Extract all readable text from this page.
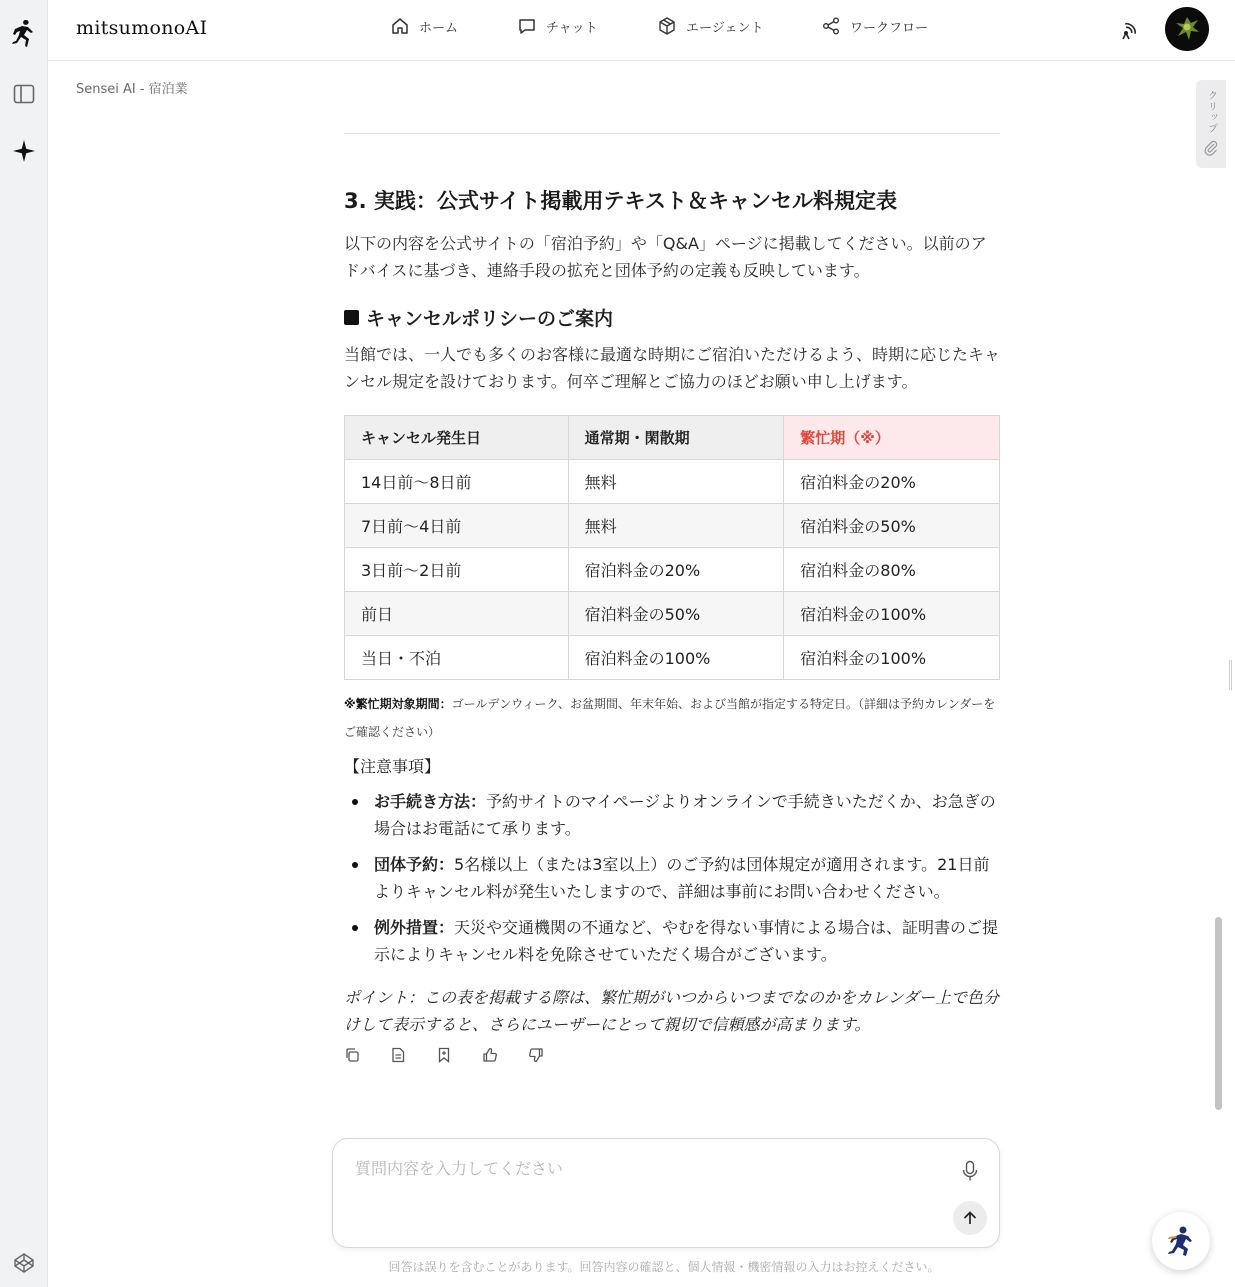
mitsumonoAI	ホーム	チャット	エージェント	ワークフロー
Sensei AI - 宿泊業
クリップ
3. 実践：公式サイト掲載用テキスト＆キャンセル料規定表
以下の内容を公式サイトの「宿泊予約」や「Q&A」ページに掲載してください。以前のアドバイスに基づき、連絡手段の拡充と団体予約の定義も反映しています。
キャンセルポリシーのご案内
当館では、一人でも多くのお客様に最適な時期にご宿泊いただけるよう、時期に応じたキャンセル規定を設けております。何卒ご理解とご協力のほどお願い申し上げます。
キャンセル発生日	通常期・閑散期	繁忙期（※）
14日前〜8日前	無料	宿泊料金の20%
7日前〜4日前	無料	宿泊料金の50%
3日前〜2日前	宿泊料金の20%	宿泊料金の80%
前日	宿泊料金の50%	宿泊料金の100%
当日・不泊	宿泊料金の100%	宿泊料金の100%
※繁忙期対象期間：ゴールデンウィーク、お盆期間、年末年始、および当館が指定する特定日。（詳細は予約カレンダーをご確認ください）
【注意事項】
お手続き方法：予約サイトのマイページよりオンラインで手続きいただくか、お急ぎの場合はお電話にて承ります。
団体予約：5名様以上（または3室以上）のご予約は団体規定が適用されます。21日前よりキャンセル料が発生いたしますので、詳細は事前にお問い合わせください。
例外措置：天災や交通機関の不通など、やむを得ない事情による場合は、証明書のご提示によりキャンセル料を免除させていただく場合がございます。
ポイント：この表を掲載する際は、繁忙期がいつからいつまでなのかをカレンダー上で色分けして表示すると、さらにユーザーにとって親切で信頼感が高まります。
質問内容を入力してください
回答は誤りを含むことがあります。回答内容の確認と、個人情報・機密情報の入力はお控えください。
